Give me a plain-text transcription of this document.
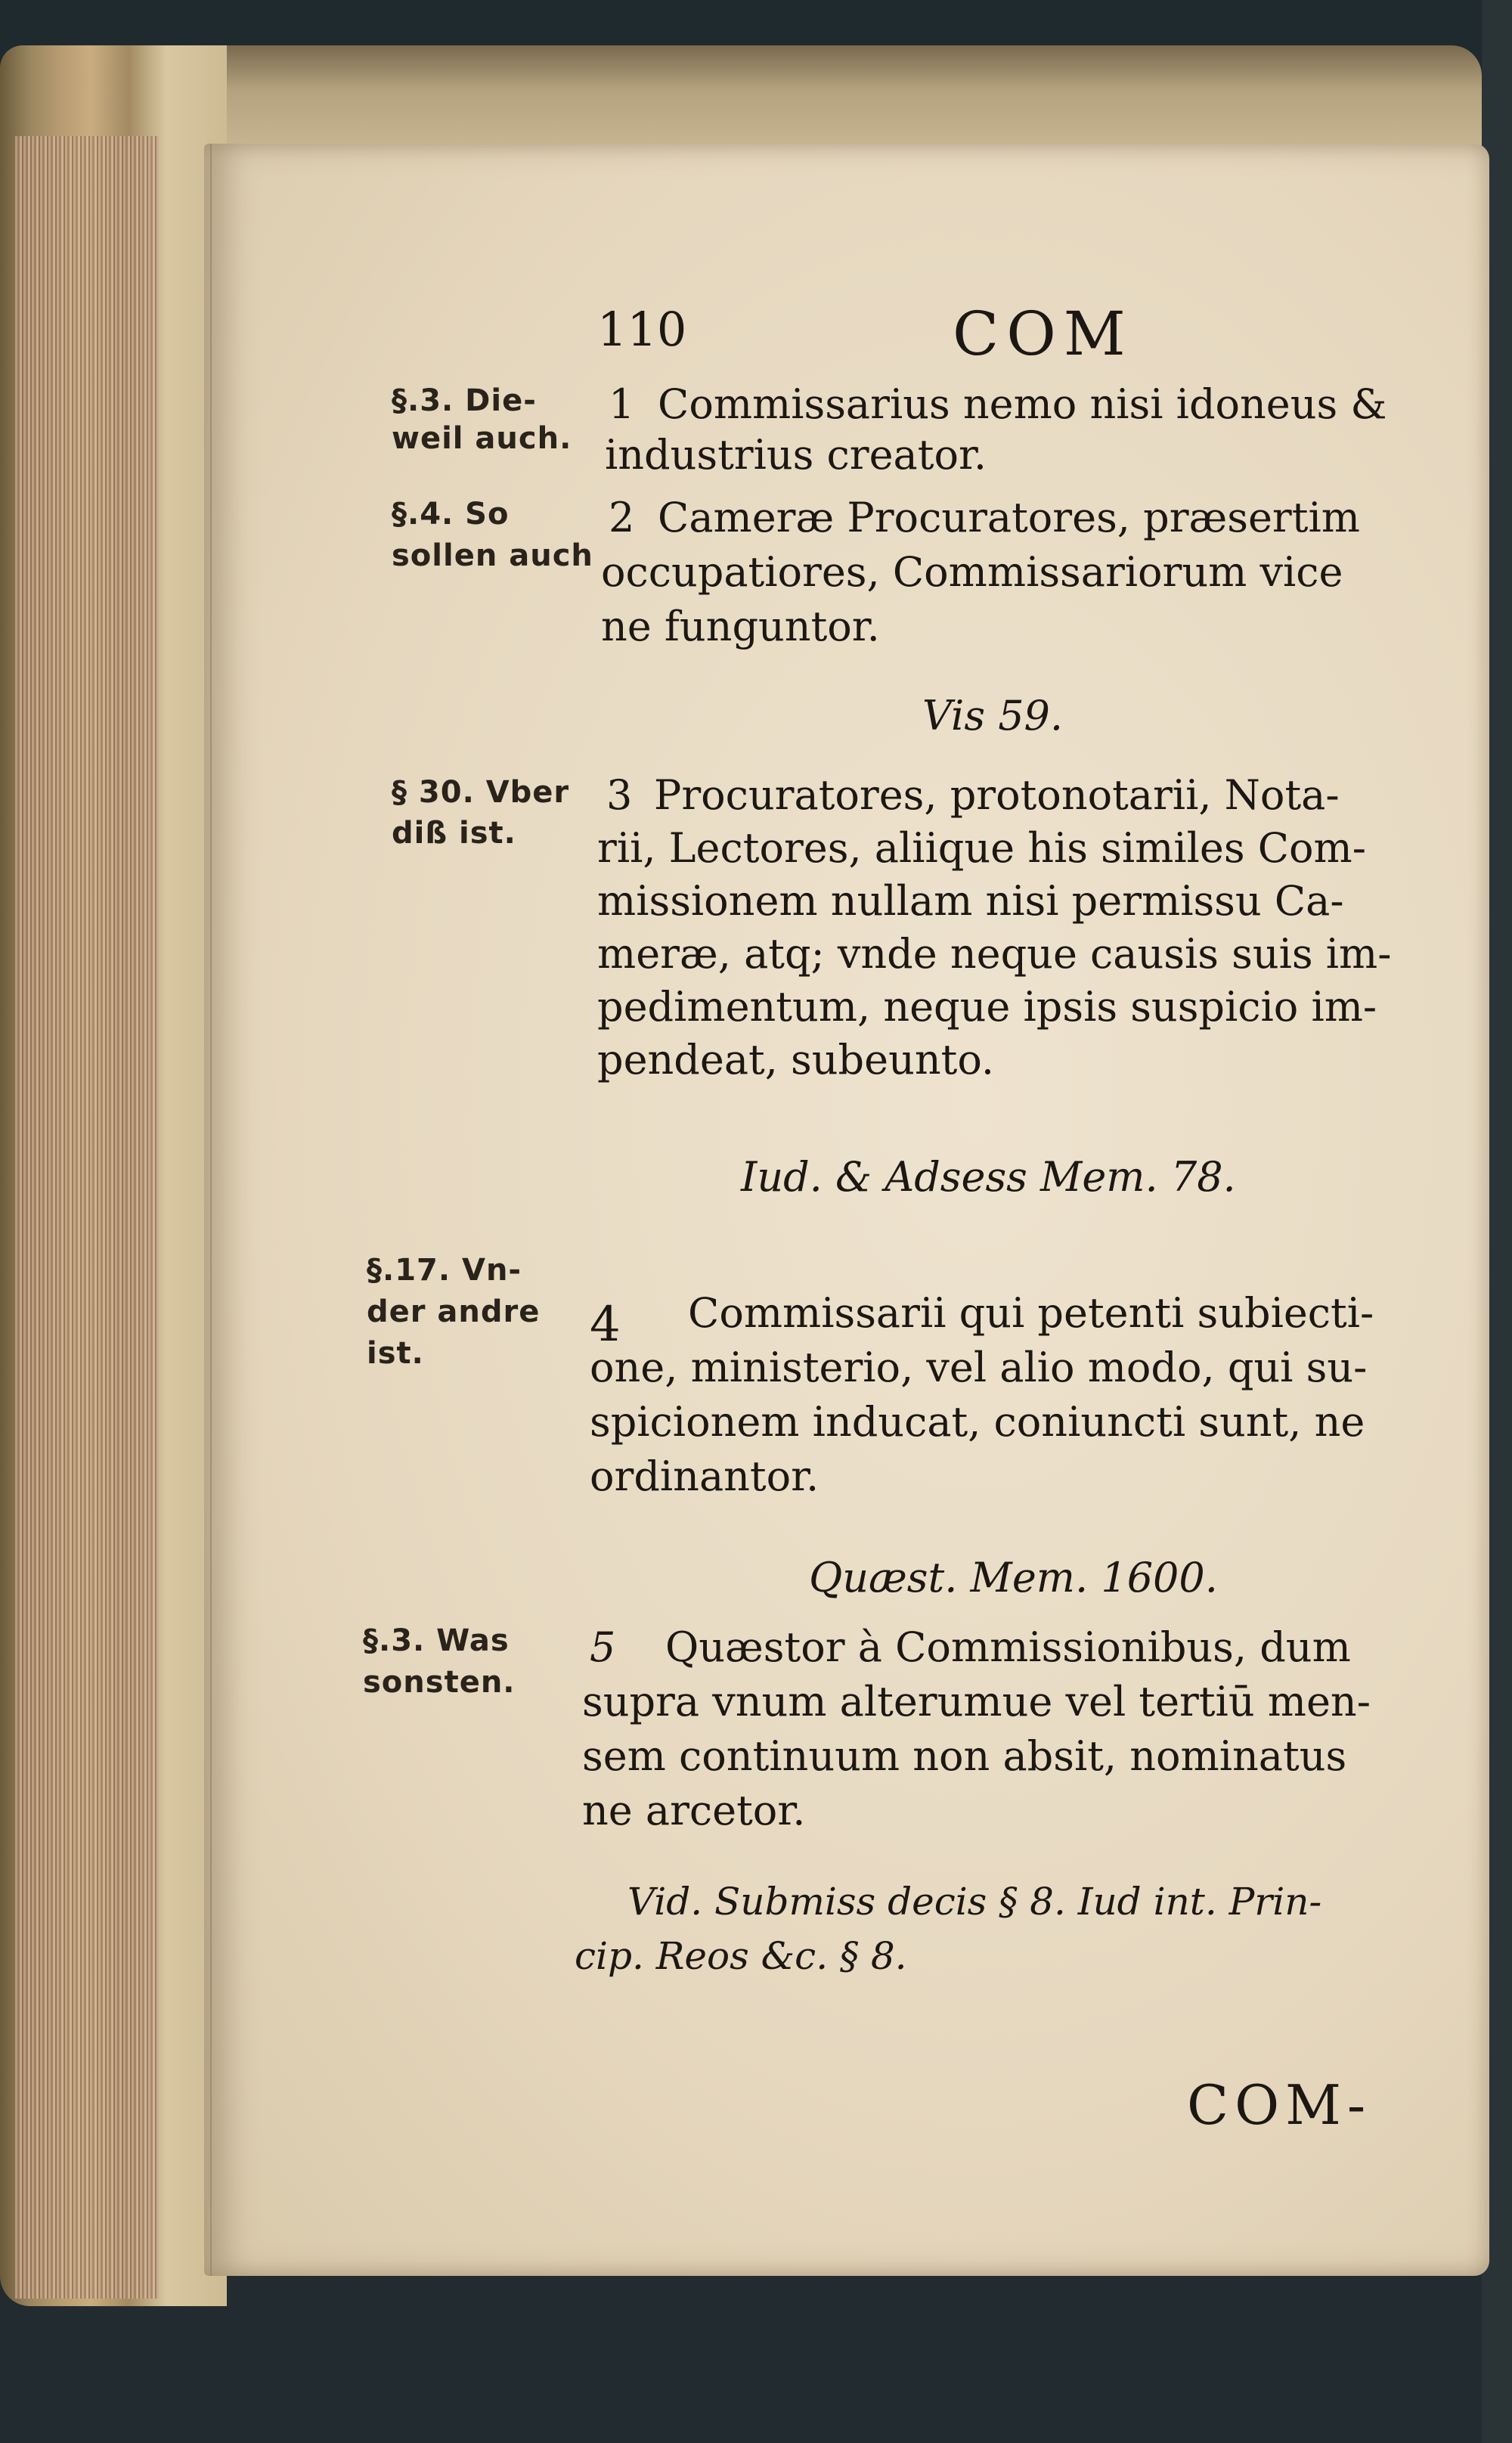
110	COM
§.3. Die-
weil auch.
1 Commissarius nemo nisi idoneus &
industrius creator.
§.4. So
sollen auch
2 Cameræ Procuratores, præsertim
occupatiores, Commissariorum vice
ne funguntor.
Vis 59.
§ 30. Vber
diß ist.
3 Procuratores, protonotarii, Nota-
rii, Lectores, aliique his similes Com-
missionem nullam nisi permissu Ca-
meræ, atq; vnde neque causis suis im-
pedimentum, neque ipsis suspicio im-
pendeat, subeunto.
Iud. & Adsess Mem. 78.
§.17. Vn-
der andre
ist.
4 Commissarii qui petenti subiecti-
one, ministerio, vel alio modo, qui su-
spicionem inducat, coniuncti sunt, ne
ordinantor.
Quæst. Mem. 1600.
§.3. Was
sonsten.
5 Quæstor à Commissionibus, dum
supra vnum alterumue vel tertiū men-
sem continuum non absit, nominatus
ne arcetor.
Vid. Submiss decis § 8. Iud int. Prin-
cip. Reos &c. § 8.
COM-
